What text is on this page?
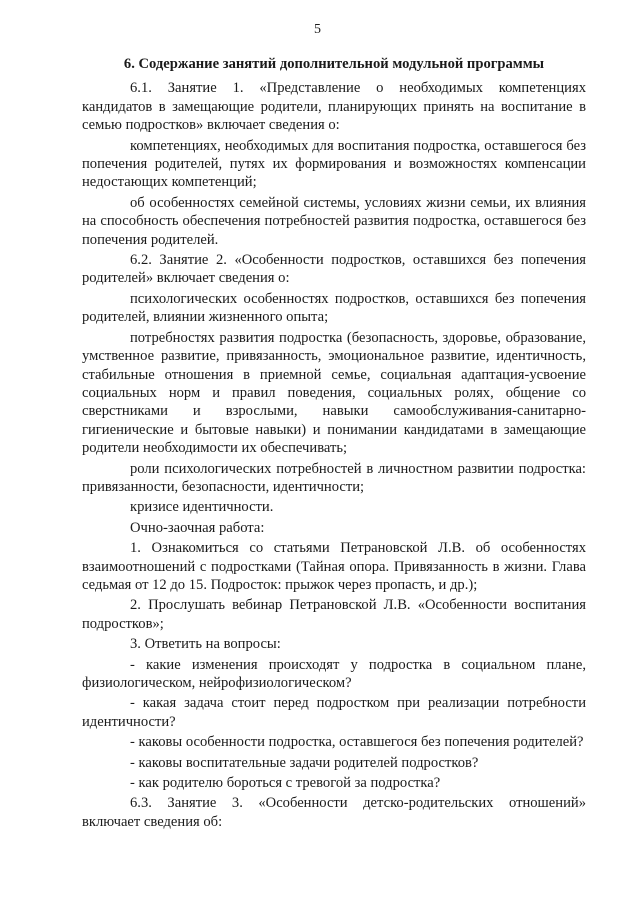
5

6. Содержание занятий дополнительной модульной программы

6.1. Занятие 1. «Представление о необходимых компетенциях кандидатов в замещающие родители, планирующих принять на воспитание в семью подростков» включает сведения о:

компетенциях, необходимых для воспитания подростка, оставшегося без попечения родителей, путях их формирования и возможностях компенсации недостающих компетенций;

об особенностях семейной системы, условиях жизни семьи, их влияния на способность обеспечения потребностей развития подростка, оставшегося без попечения родителей.

6.2. Занятие 2. «Особенности подростков, оставшихся без попечения родителей» включает сведения о:

психологических особенностях подростков, оставшихся без попечения родителей, влиянии жизненного опыта;

потребностях развития подростка (безопасность, здоровье, образование, умственное развитие, привязанность, эмоциональное развитие, идентичность, стабильные отношения в приемной семье, социальная адаптация-усвоение социальных норм и правил поведения, социальных ролях, общение со сверстниками и взрослыми, навыки самообслуживания-санитарно-гигиенические и бытовые навыки) и понимании кандидатами в замещающие родители необходимости их обеспечивать;

роли психологических потребностей в личностном развитии подростка: привязанности, безопасности, идентичности;

кризисе идентичности.

Очно-заочная работа:

1. Ознакомиться со статьями Петрановской Л.В. об особенностях взаимоотношений с подростками (Тайная опора. Привязанность в жизни. Глава седьмая от 12 до 15. Подросток: прыжок через пропасть, и др.);

2. Прослушать вебинар Петрановской Л.В. «Особенности воспитания подростков»;

3. Ответить на вопросы:

- какие изменения происходят у подростка в социальном плане, физиологическом, нейрофизиологическом?

- какая задача стоит перед подростком при реализации потребности идентичности?

- каковы особенности подростка, оставшегося без попечения родителей?

- каковы воспитательные задачи родителей подростков?

- как родителю бороться с тревогой за подростка?

6.3. Занятие 3. «Особенности детско-родительских отношений» включает сведения об:
